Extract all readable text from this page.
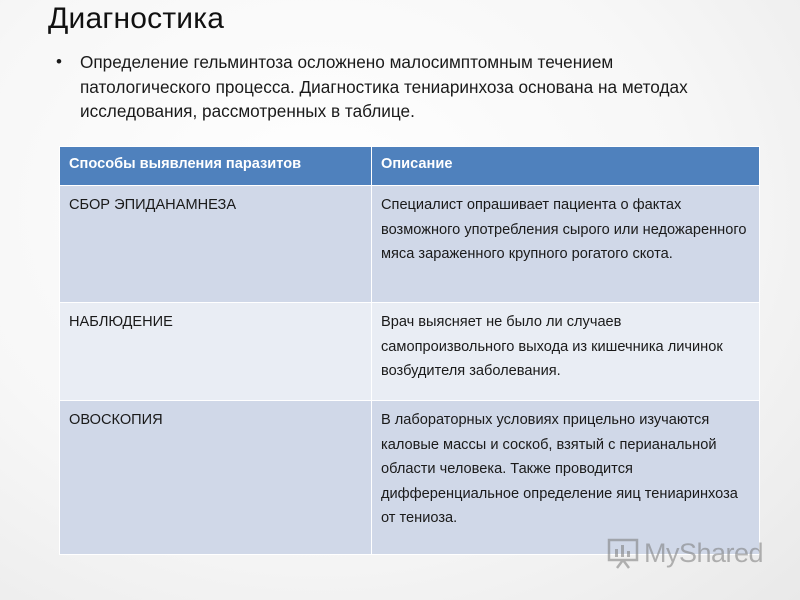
Диагностика
•	Определение гельминтоза осложнено малосимптомным течением патологического процесса. Диагностика тениаринхоза основана на методах исследования, рассмотренных в таблице.
Способы выявления паразитов	Описание
СБОР ЭПИДАНАМНЕЗА	Специалист опрашивает пациента о фактах возможного употребления сырого или недожаренного мяса зараженного крупного рогатого скота.
НАБЛЮДЕНИЕ	Врач выясняет не было ли случаев самопроизвольного выхода из кишечника личинок возбудителя заболевания.
ОВОСКОПИЯ	В лабораторных условиях прицельно изучаются каловые массы и соскоб, взятый с перианальной области человека. Также проводится дифференциальное определение яиц тениаринхоза от тениоза.
MyShared
